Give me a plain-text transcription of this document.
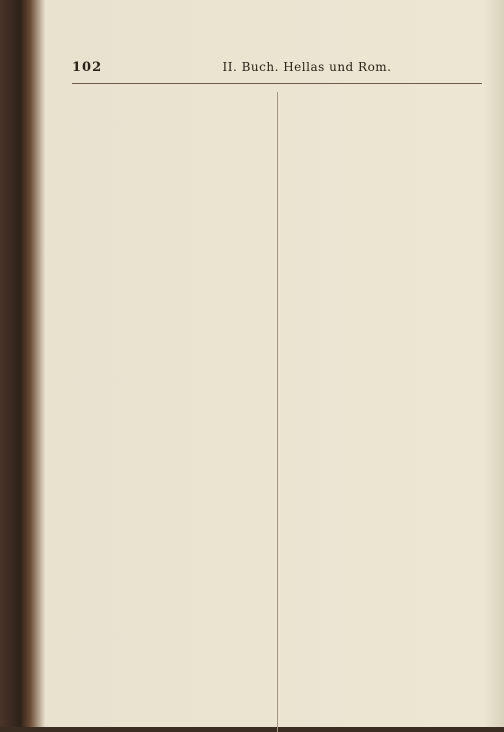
102	II. Buch. Hellas und Rom.
